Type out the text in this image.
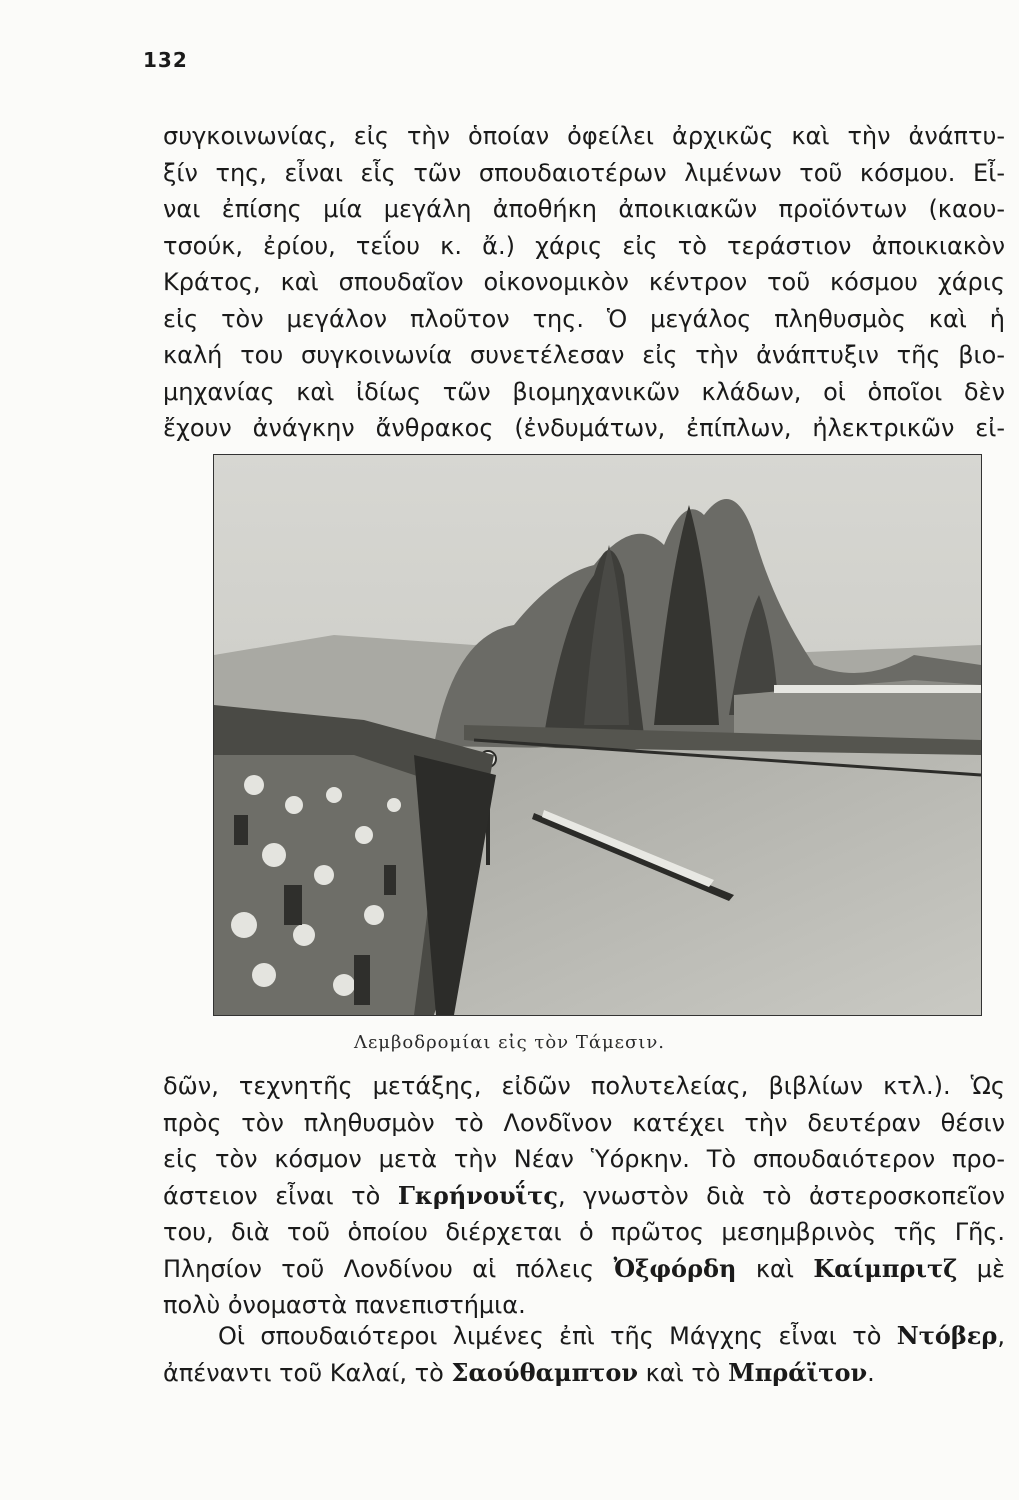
132
συγκοινωνίας, εἰς τὴν ὁποίαν ὀφείλει ἀρχικῶς καὶ τὴν ἀνάπτυ-
ξίν της, εἶναι εἷς τῶν σπουδαιοτέρων λιμένων τοῦ κόσμου. Εἶ-
ναι ἐπίσης μία μεγάλη ἀποθήκη ἀποικιακῶν προϊόντων (καου-
τσούκ, ἐρίου, τεΐου κ. ἄ.) χάρις εἰς τὸ τεράστιον ἀποικιακὸν
Κράτος, καὶ σπουδαῖον οἰκονομικὸν κέντρον τοῦ κόσμου χάρις
εἰς τὸν μεγάλον πλοῦτον της. Ὁ μεγάλος πληθυσμὸς καὶ ἡ
καλή του συγκοινωνία συνετέλεσαν εἰς τὴν ἀνάπτυξιν τῆς βιο-
μηχανίας καὶ ἰδίως τῶν βιομηχανικῶν κλάδων, οἱ ὁποῖοι δὲν
ἔχουν ἀνάγκην ἄνθρακος (ἐνδυμάτων, ἐπίπλων, ἠλεκτρικῶν εἰ-
Λεμβοδρομίαι εἰς τὸν Τάμεσιν.
δῶν, τεχνητῆς μετάξης, εἰδῶν πολυτελείας, βιβλίων κτλ.). Ὡς
πρὸς τὸν πληθυσμὸν τὸ Λονδῖνον κατέχει τὴν δευτέραν θέσιν
εἰς τὸν κόσμον μετὰ τὴν Νέαν Ὑόρκην. Τὸ σπουδαιότερον προ-
άστειον εἶναι τὸ Γκρήνουΐτς, γνωστὸν διὰ τὸ ἀστεροσκοπεῖον
του, διὰ τοῦ ὁποίου διέρχεται ὁ πρῶτος μεσημβρινὸς τῆς Γῆς.
Πλησίον τοῦ Λονδίνου αἱ πόλεις Ὀξφόρδη καὶ Καίμπριτζ μὲ
πολὺ ὀνομαστὰ πανεπιστήμια.
Οἱ σπουδαιότεροι λιμένες ἐπὶ τῆς Μάγχης εἶναι τὸ Ντόβερ,
ἀπέναντι τοῦ Καλαί, τὸ Σαούθαμπτον καὶ τὸ Μπράϊτον.
